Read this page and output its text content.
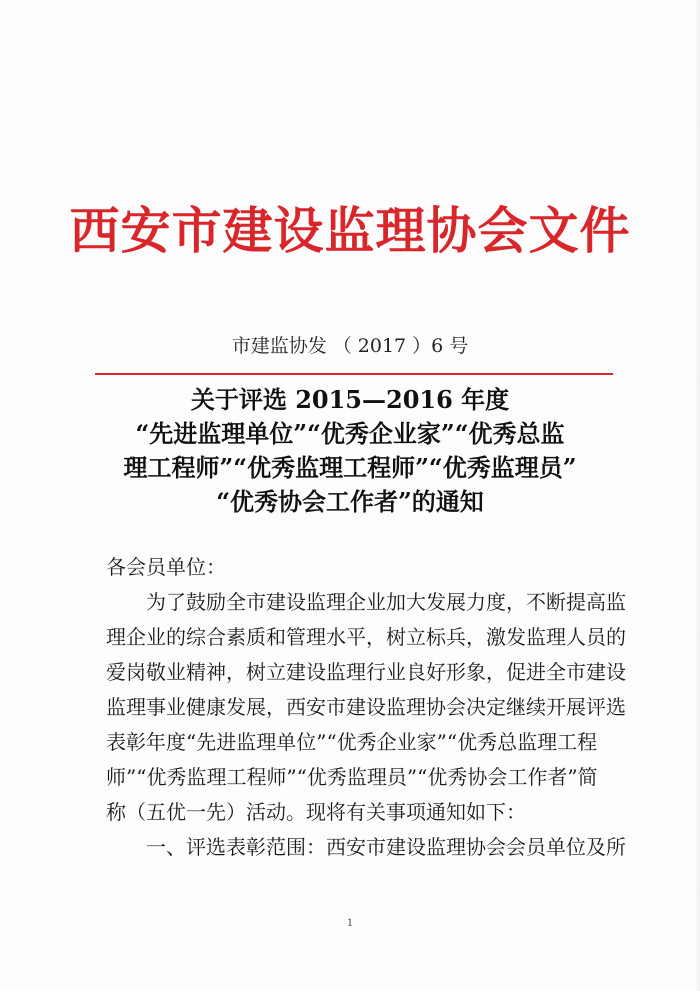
西安市建设监理协会文件
市建监协发 （ 2017 ）6 号
关于评选 2015—2016 年度
“先进监理单位”“优秀企业家”“优秀总监
理工程师”“优秀监理工程师”“优秀监理员”
“优秀协会工作者”的通知
各会员单位：
为了鼓励全市建设监理企业加大发展力度，不断提高监
理企业的综合素质和管理水平，树立标兵，激发监理人员的
爱岗敬业精神，树立建设监理行业良好形象，促进全市建设
监理事业健康发展，西安市建设监理协会决定继续开展评选
表彰年度“先进监理单位”“优秀企业家”“优秀总监理工程
师”“优秀监理工程师”“优秀监理员”“优秀协会工作者”简
称（五优一先）活动。现将有关事项通知如下：
一、评选表彰范围：西安市建设监理协会会员单位及所
1
